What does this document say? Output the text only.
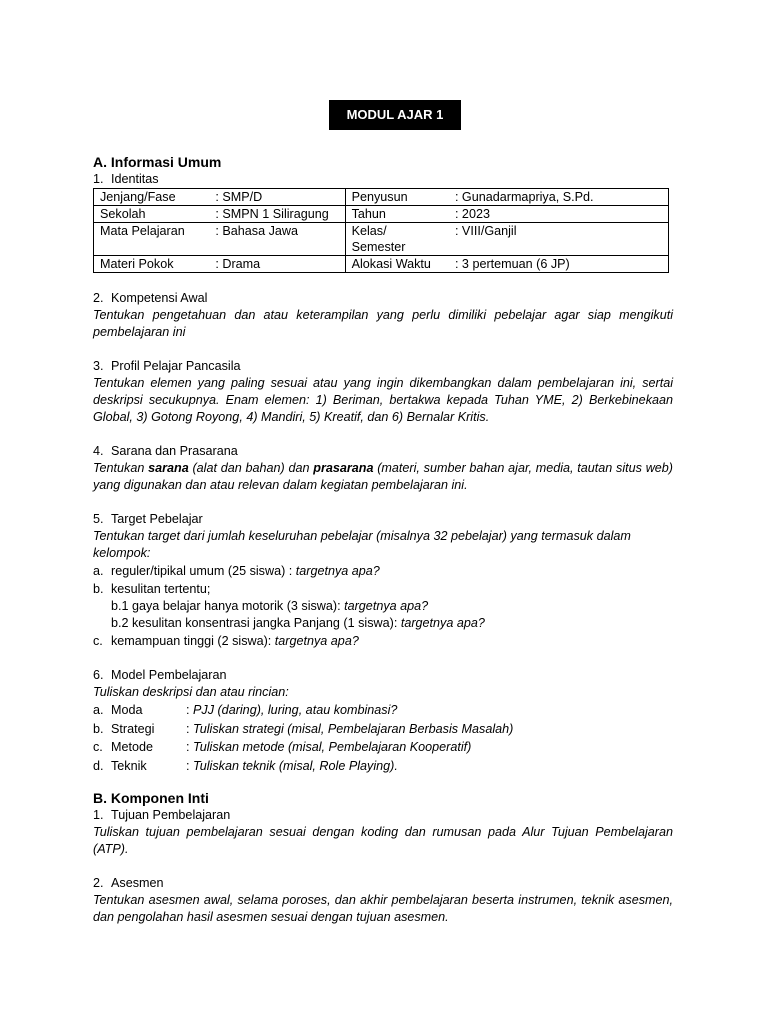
MODUL AJAR 1
A. Informasi Umum
1. Identitas
Jenjang/Fase	: SMP/D	Penyusun	: Gunadarmapriya, S.Pd.
Sekolah	: SMPN 1 Siliragung	Tahun	: 2023
Mata Pelajaran	: Bahasa Jawa	Kelas/ Semester	: VIII/Ganjil
Materi Pokok	: Drama	Alokasi Waktu	: 3 pertemuan (6 JP)
2. Kompetensi Awal

Tentukan pengetahuan dan atau keterampilan yang perlu dimiliki pebelajar agar siap mengikuti pembelajaran ini

3. Profil Pelajar Pancasila

Tentukan elemen yang paling sesuai atau yang ingin dikembangkan dalam pembelajaran ini, sertai deskripsi secukupnya. Enam elemen: 1) Beriman, bertakwa kepada Tuhan YME, 2) Berkebinekaan Global, 3) Gotong Royong, 4) Mandiri, 5) Kreatif, dan 6) Bernalar Kritis.

4. Sarana dan Prasarana

Tentukan sarana (alat dan bahan) dan prasarana (materi, sumber bahan ajar, media, tautan situs web) yang digunakan dan atau relevan dalam kegiatan pembelajaran ini.

5. Target Pebelajar

Tentukan target dari jumlah keseluruhan pebelajar (misalnya 32 pebelajar) yang termasuk dalam kelompok:

a. reguler/tipikal umum (25 siswa) : targetnya apa?
b. kesulitan tertentu;
b.1 gaya belajar hanya motorik (3 siswa): targetnya apa?
b.2 kesulitan konsentrasi jangka Panjang (1 siswa): targetnya apa?
c. kemampuan tinggi (2 siswa): targetnya apa?
6. Model Pembelajaran

Tuliskan deskripsi dan atau rincian:

a. Moda	: PJJ (daring), luring, atau kombinasi?
b. Strategi	: Tuliskan strategi (misal, Pembelajaran Berbasis Masalah)
c. Metode	: Tuliskan metode (misal, Pembelajaran Kooperatif)
d. Teknik	: Tuliskan teknik (misal, Role Playing).
B. Komponen Inti
1. Tujuan Pembelajaran

Tuliskan tujuan pembelajaran sesuai dengan koding dan rumusan pada Alur Tujuan Pembelajaran (ATP).

2. Asesmen

Tentukan asesmen awal, selama poroses, dan akhir pembelajaran beserta instrumen, teknik asesmen, dan pengolahan hasil asesmen sesuai dengan tujuan asesmen.
